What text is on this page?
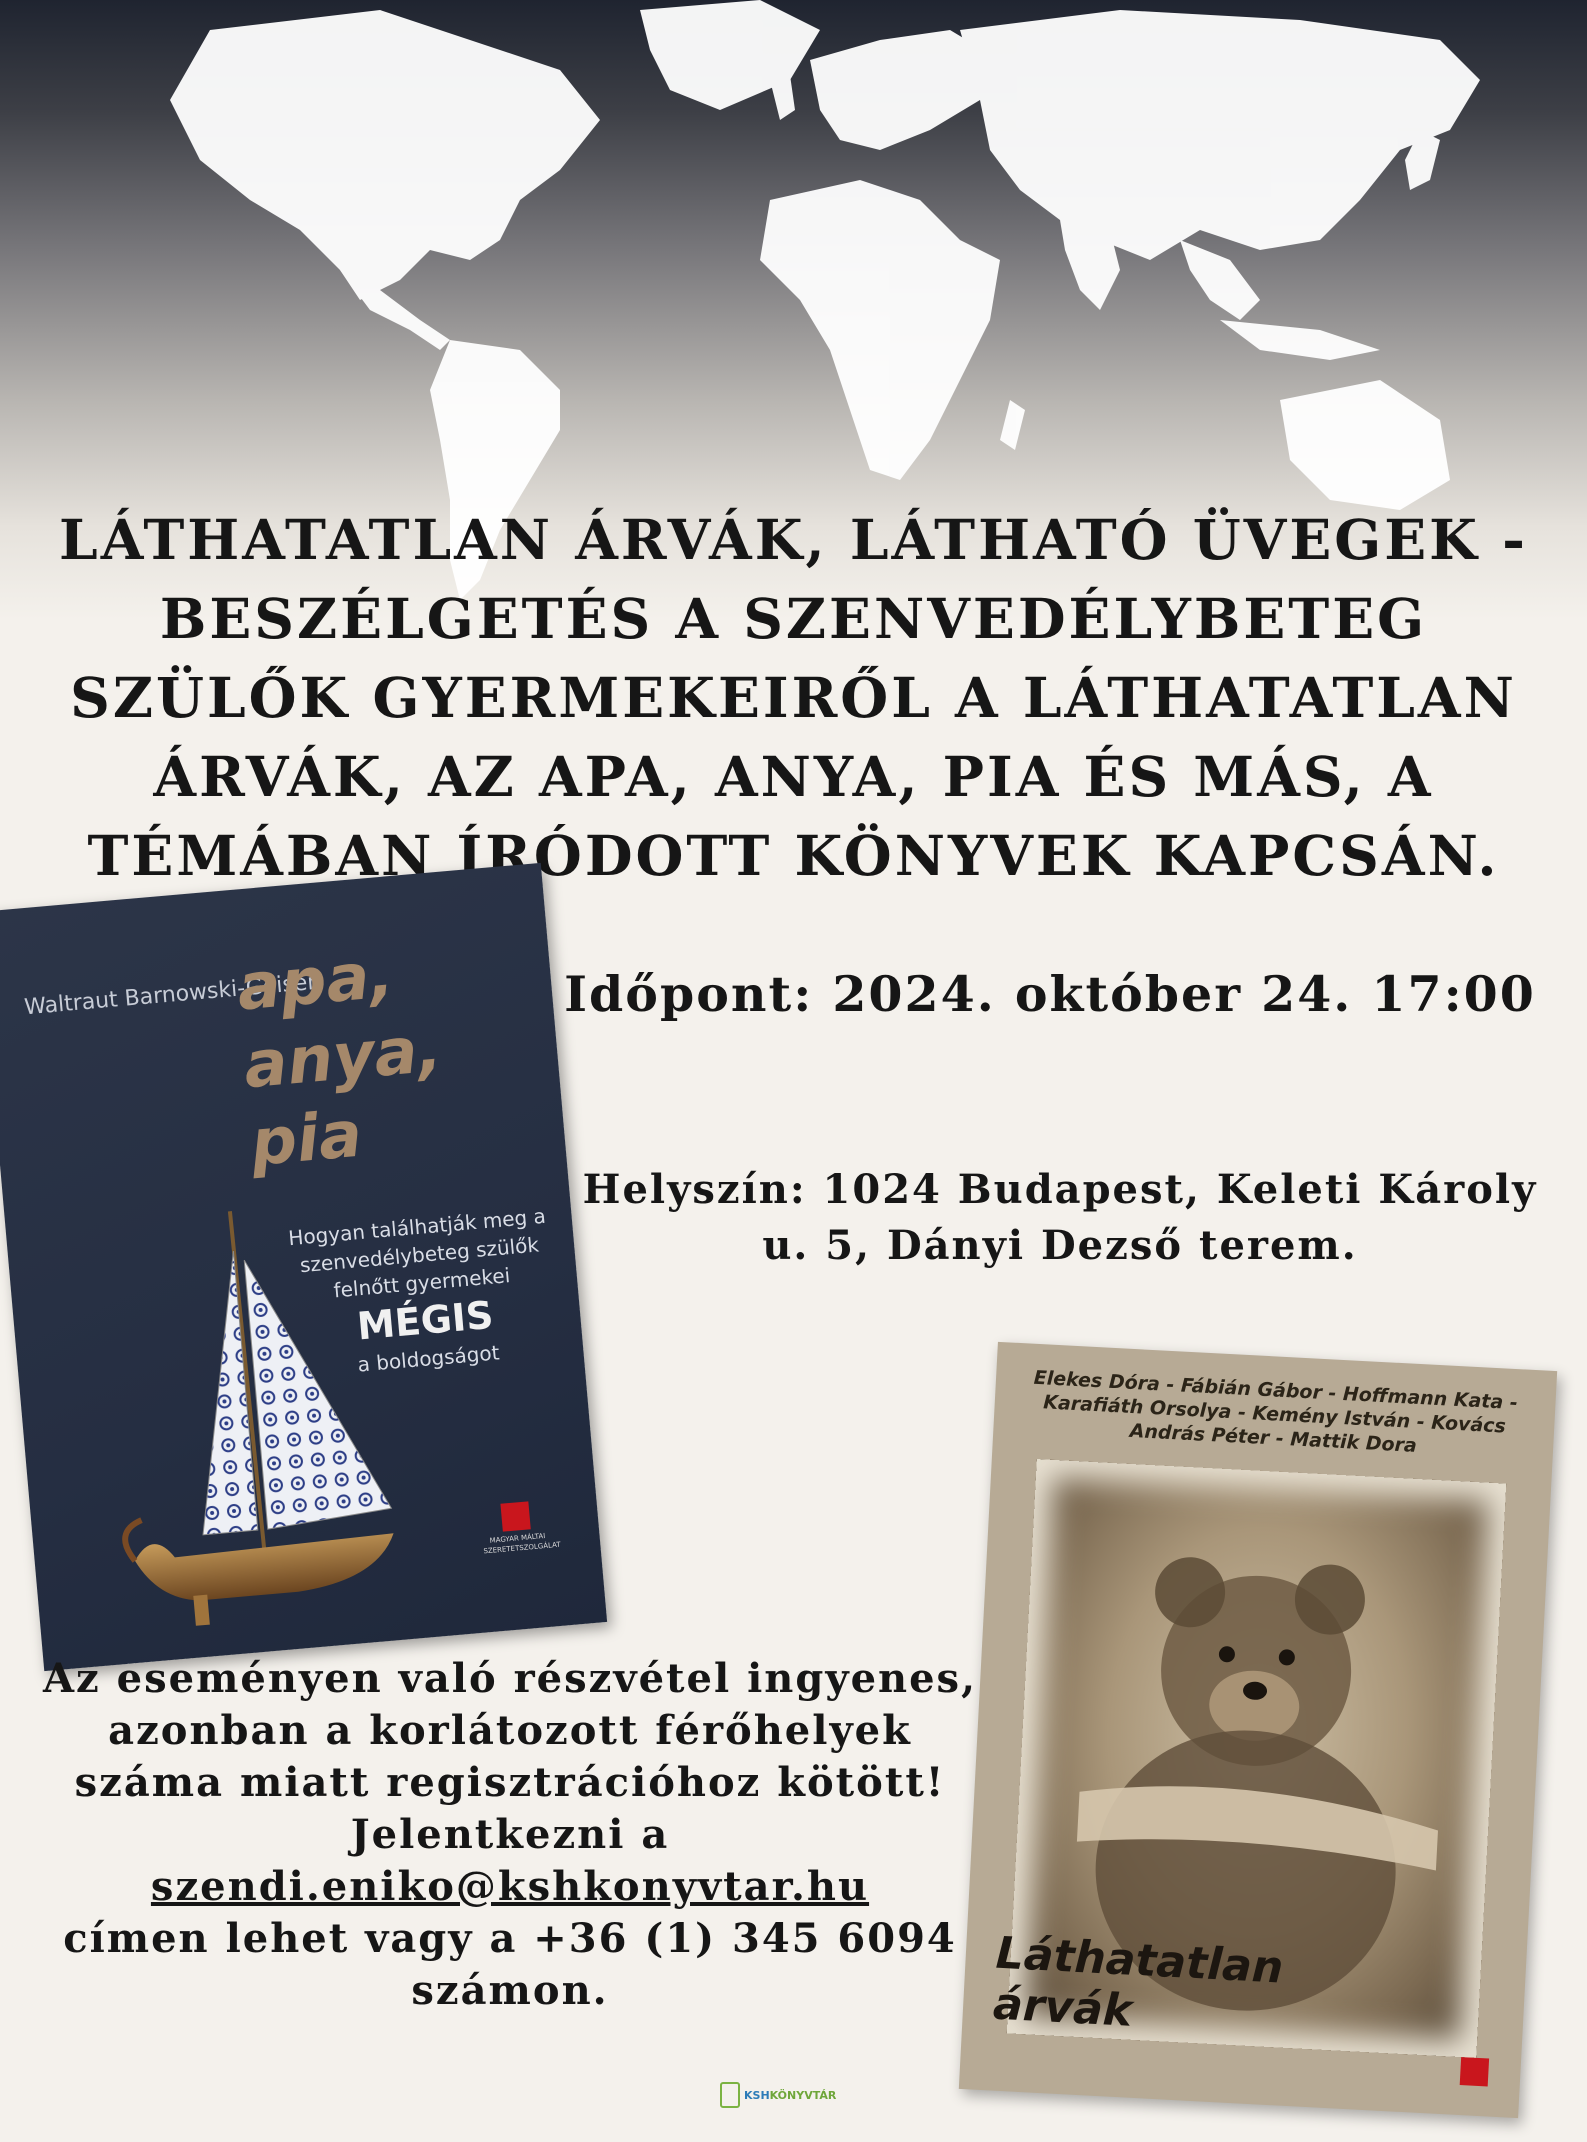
LÁTHATATLAN ÁRVÁK, LÁTHATÓ ÜVEGEK - BESZÉLGETÉS A SZENVEDÉLYBETEG SZÜLŐK GYERMEKEIRŐL A LÁTHATATLAN ÁRVÁK, AZ APA, ANYA, PIA ÉS MÁS, A TÉMÁBAN ÍRÓDOTT KÖNYVEK KAPCSÁN.
Időpont: 2024. október 24. 17:00
Helyszín: 1024 Budapest, Keleti Károly u. 5, Dányi Dezső terem.
Waltraut Barnowski-Geiser
apa, anya, pia
Hogyan találhatják meg a szenvedélybeteg szülők felnőtt gyermekei
MÉGIS
a boldogságot

MAGYAR MÁLTAI SZERETETSZOLGÁLAT
Elekes Dóra - Fábián Gábor - Hoffmann Kata - Karafiáth Orsolya - Kemény István - Kovács András Péter - Mattik Dora
Láthatatlan árvák
Az eseményen való részvétel ingyenes, azonban a korlátozott férőhelyek száma miatt regisztrációhoz kötött! Jelentkezni a
szendi.eniko@kshkonyvtar.hu
címen lehet vagy a +36 (1) 345 6094 számon.
KSHKÖNYVTÁR
